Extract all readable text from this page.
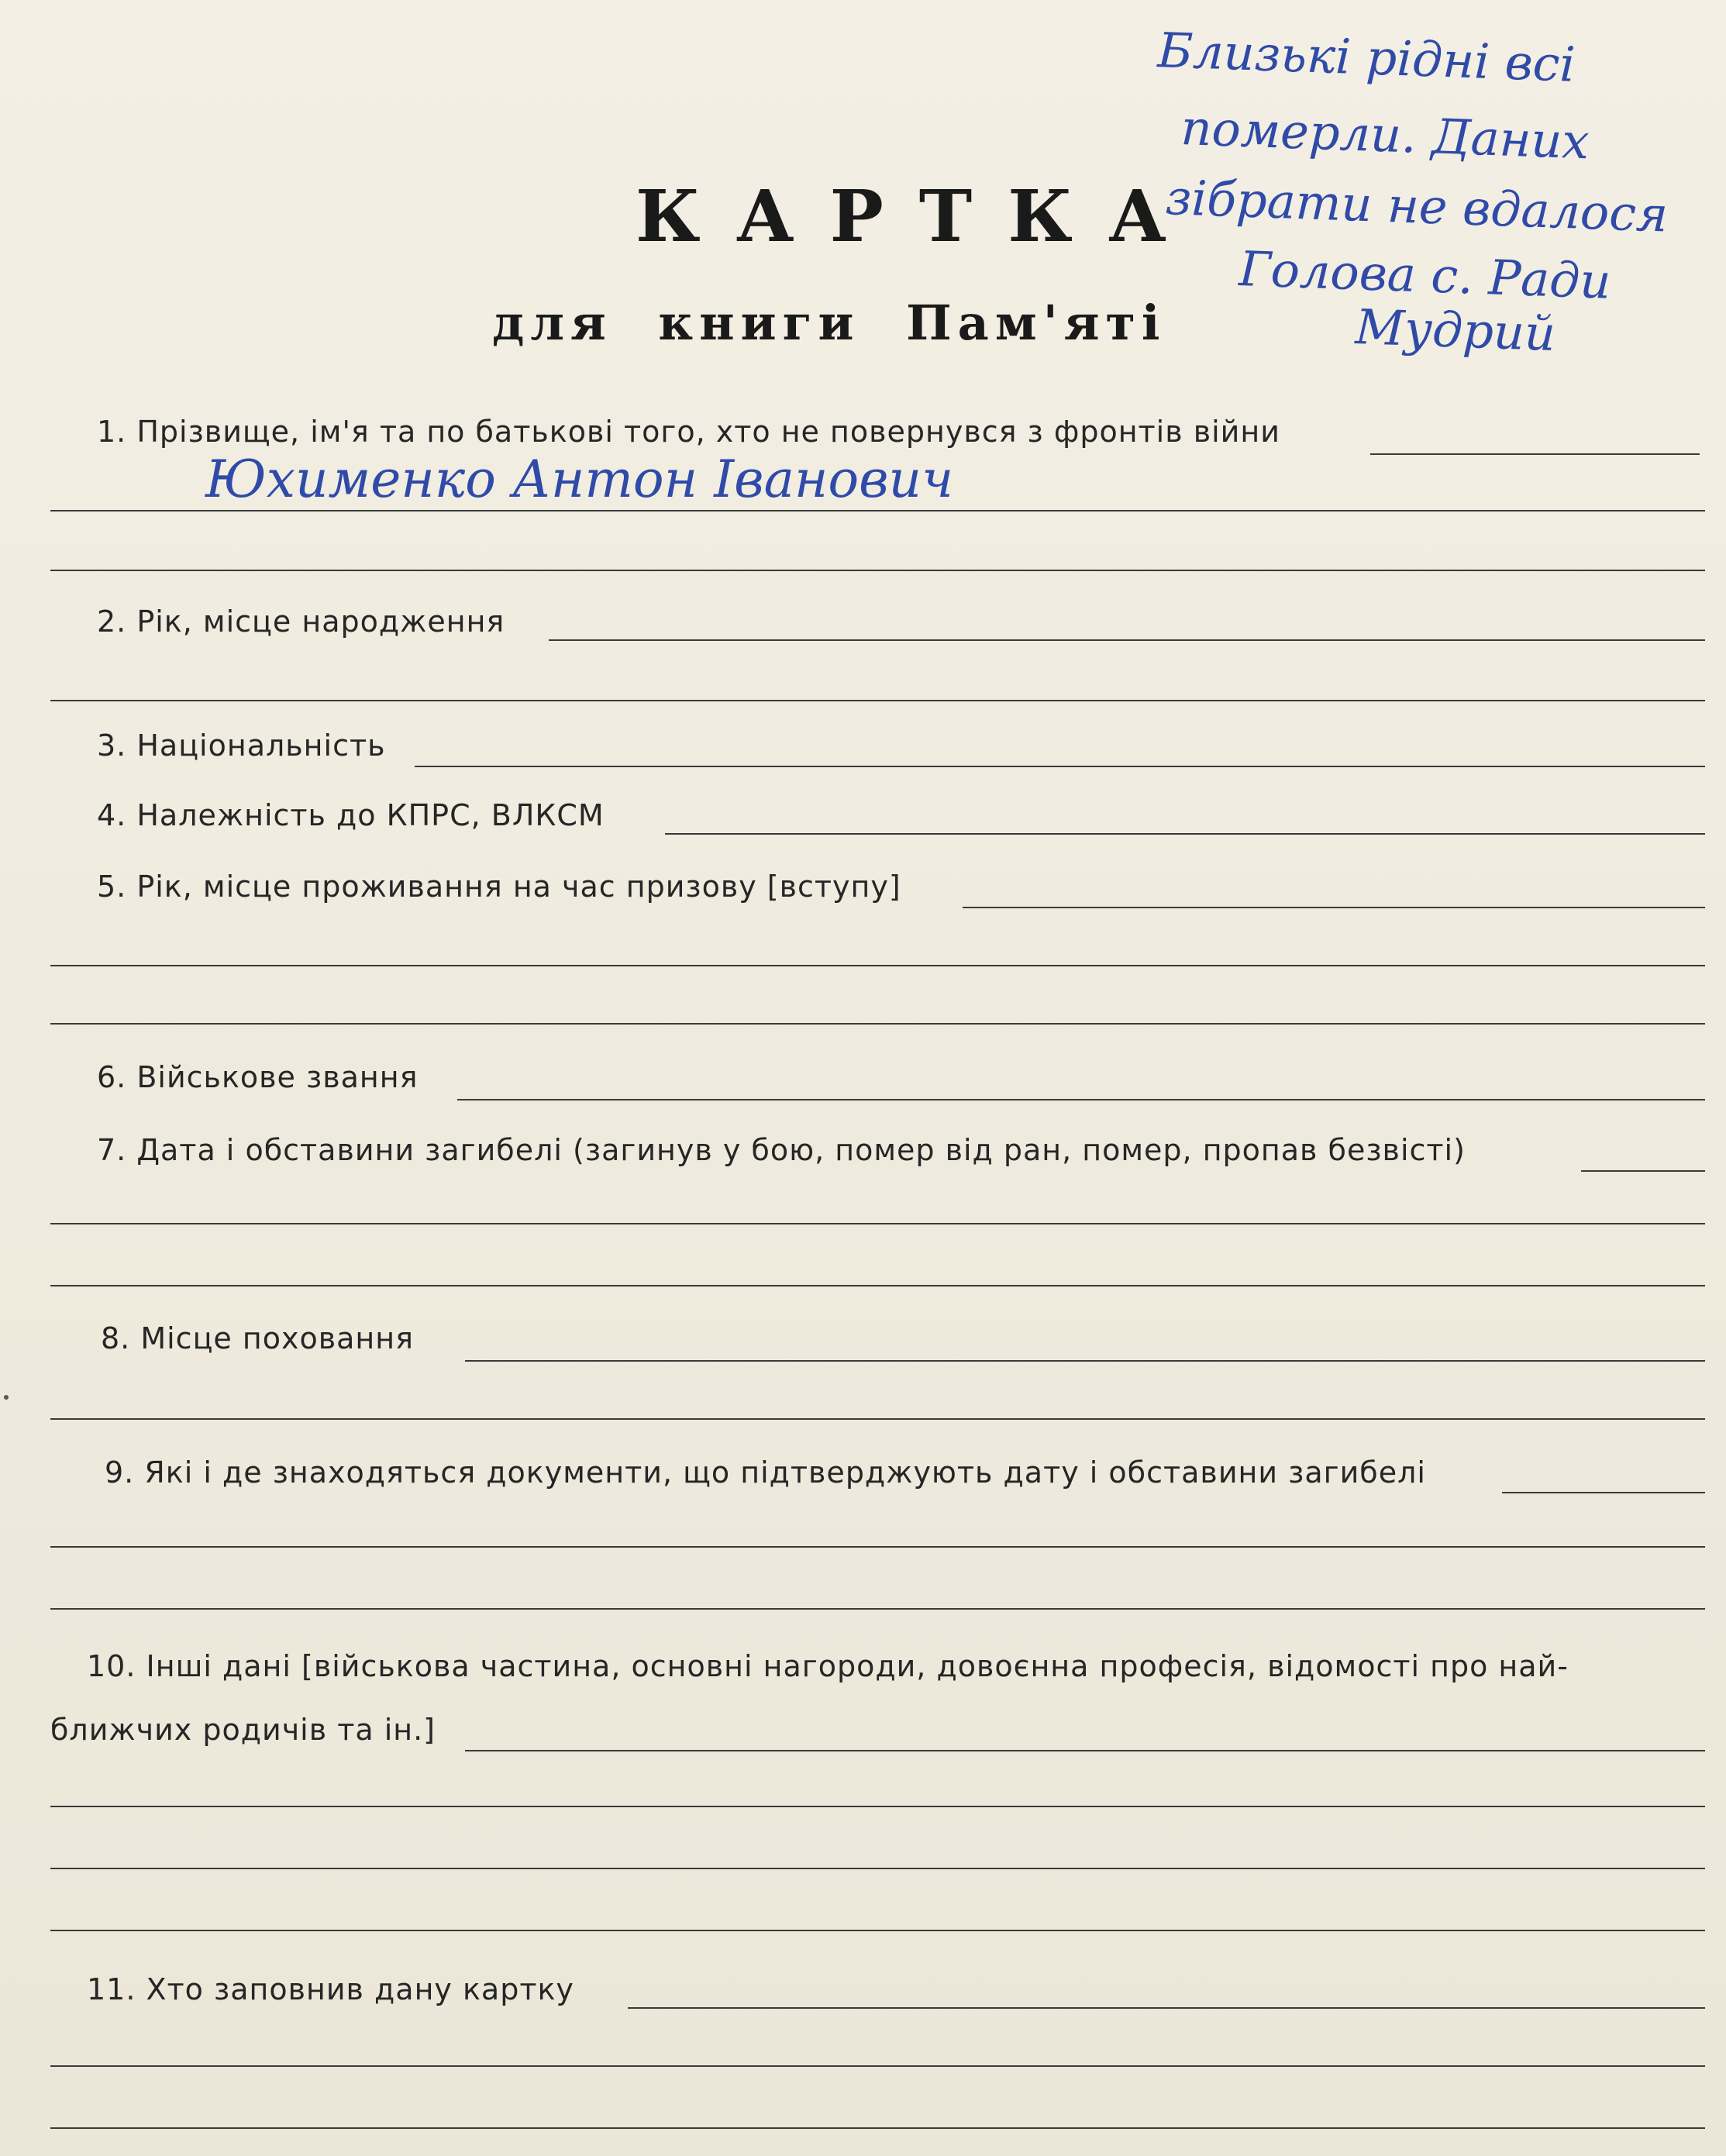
Близькі рідні всі
померли. Даних
зібрати не вдалося
Голова с. Ради
Мудрий
КАРТКА
для книги Пам'яті
1. Прізвище, ім'я та по батькові того, хто не повернувся з фронтів війни
Юхименко Антон Іванович
2. Рік, місце народження
3. Національність
4. Належність до КПРС, ВЛКСМ
5. Рік, місце проживання на час призову [вступу]
6. Військове звання
7. Дата і обставини загибелі (загинув у бою, помер від ран, помер, пропав безвісті)
8. Місце поховання
9. Які і де знаходяться документи, що підтверджують дату і обставини загибелі
10. Інші дані [військова частина, основні нагороди, довоєнна професія, відомості про най-
ближчих родичів та ін.]
11. Хто заповнив дану картку
